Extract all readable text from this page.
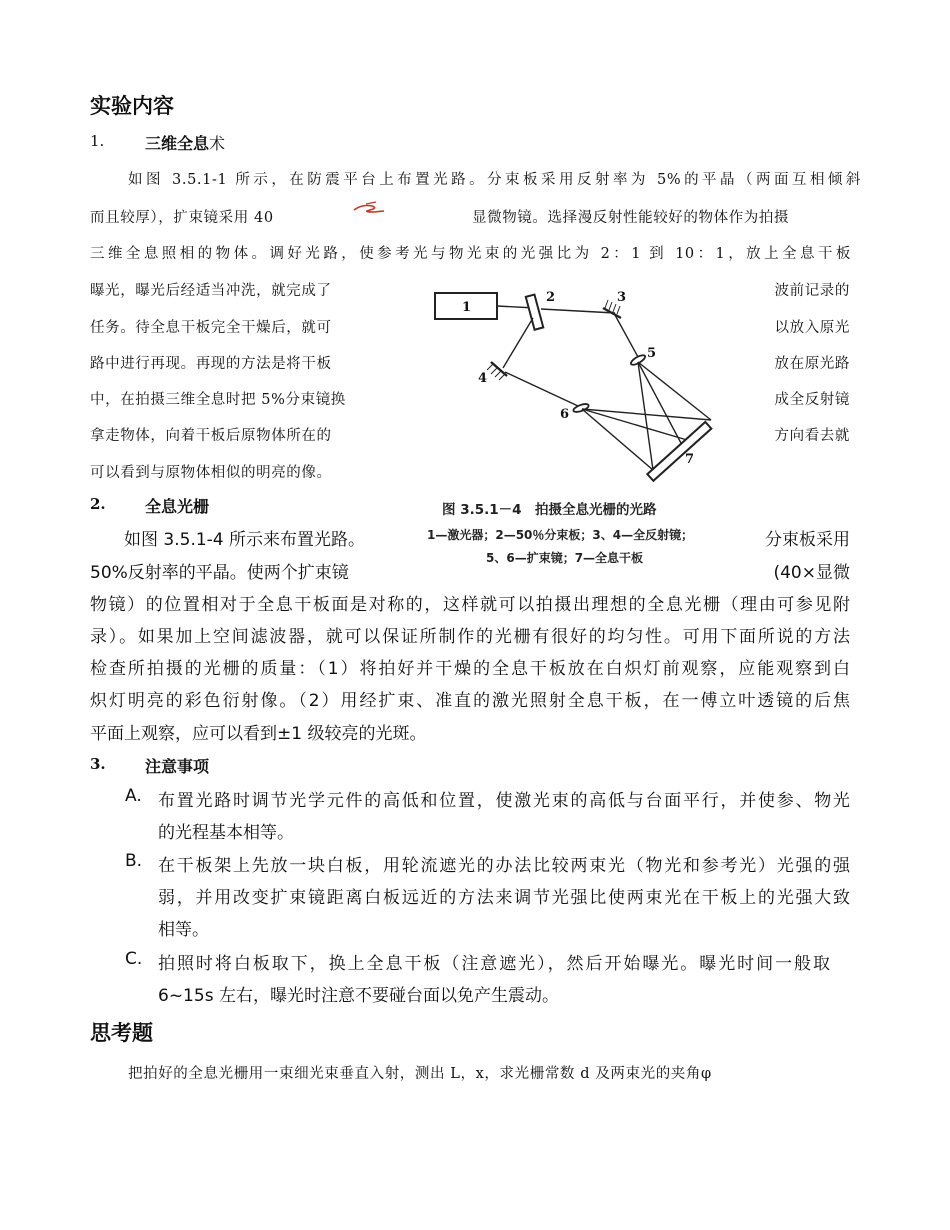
实验内容
1.	三维全息术
如图 3.5.1-1 所示，在防震平台上布置光路。分束板采用反射率为 5%的平晶（两面互相倾斜
而且较厚），扩束镜采用 40	显微物镜。选择漫反射性能较好的物体作为拍摄
三维全息照相的物体。调好光路，使参考光与物光束的光强比为 2：1 到 10：1，放上全息干板
曝光，曝光后经适当冲洗，就完成了
任务。待全息干板完全干燥后，就可
路中进行再现。再现的方法是将干板
中，在拍摄三维全息时把 5%分束镜换
拿走物体，向着干板后原物体所在的
可以看到与原物体相似的明亮的像。
波前记录的
以放入原光
放在原光路
成全反射镜
方向看去就
1
2	3
4
5
6
7
图 3.5.1－4　拍摄全息光栅的光路
1—激光器；2—50％分束板；3、4—全反射镜；
5、6—扩束镜；7—全息干板
2. 全息光栅
如图 3.5.1-4 所示来布置光路。	分束板采用
50%反射率的平晶。使两个扩束镜	(40×显微
物镜）的位置相对于全息干板面是对称的，这样就可以拍摄出理想的全息光栅（理由可参见附
录）。如果加上空间滤波器，就可以保证所制作的光栅有很好的均匀性。可用下面所说的方法
检查所拍摄的光栅的质量：（1）将拍好并干燥的全息干板放在白炽灯前观察，应能观察到白
炽灯明亮的彩色衍射像。（2）用经扩束、准直的激光照射全息干板，在一傅立叶透镜的后焦
平面上观察，应可以看到±1 级较亮的光斑。
3. 注意事项
A. 布置光路时调节光学元件的高低和位置，使激光束的高低与台面平行，并使参、物光
的光程基本相等。
B. 在干板架上先放一块白板，用轮流遮光的办法比较两束光（物光和参考光）光强的强
弱，并用改变扩束镜距离白板远近的方法来调节光强比使两束光在干板上的光强大致
相等。
C. 拍照时将白板取下，换上全息干板（注意遮光），然后开始曝光。曝光时间一般取
6~15s 左右，曝光时注意不要碰台面以免产生震动。
思考题
把拍好的全息光栅用一束细光束垂直入射，测出 L，x，求光栅常数 d 及两束光的夹角φ
